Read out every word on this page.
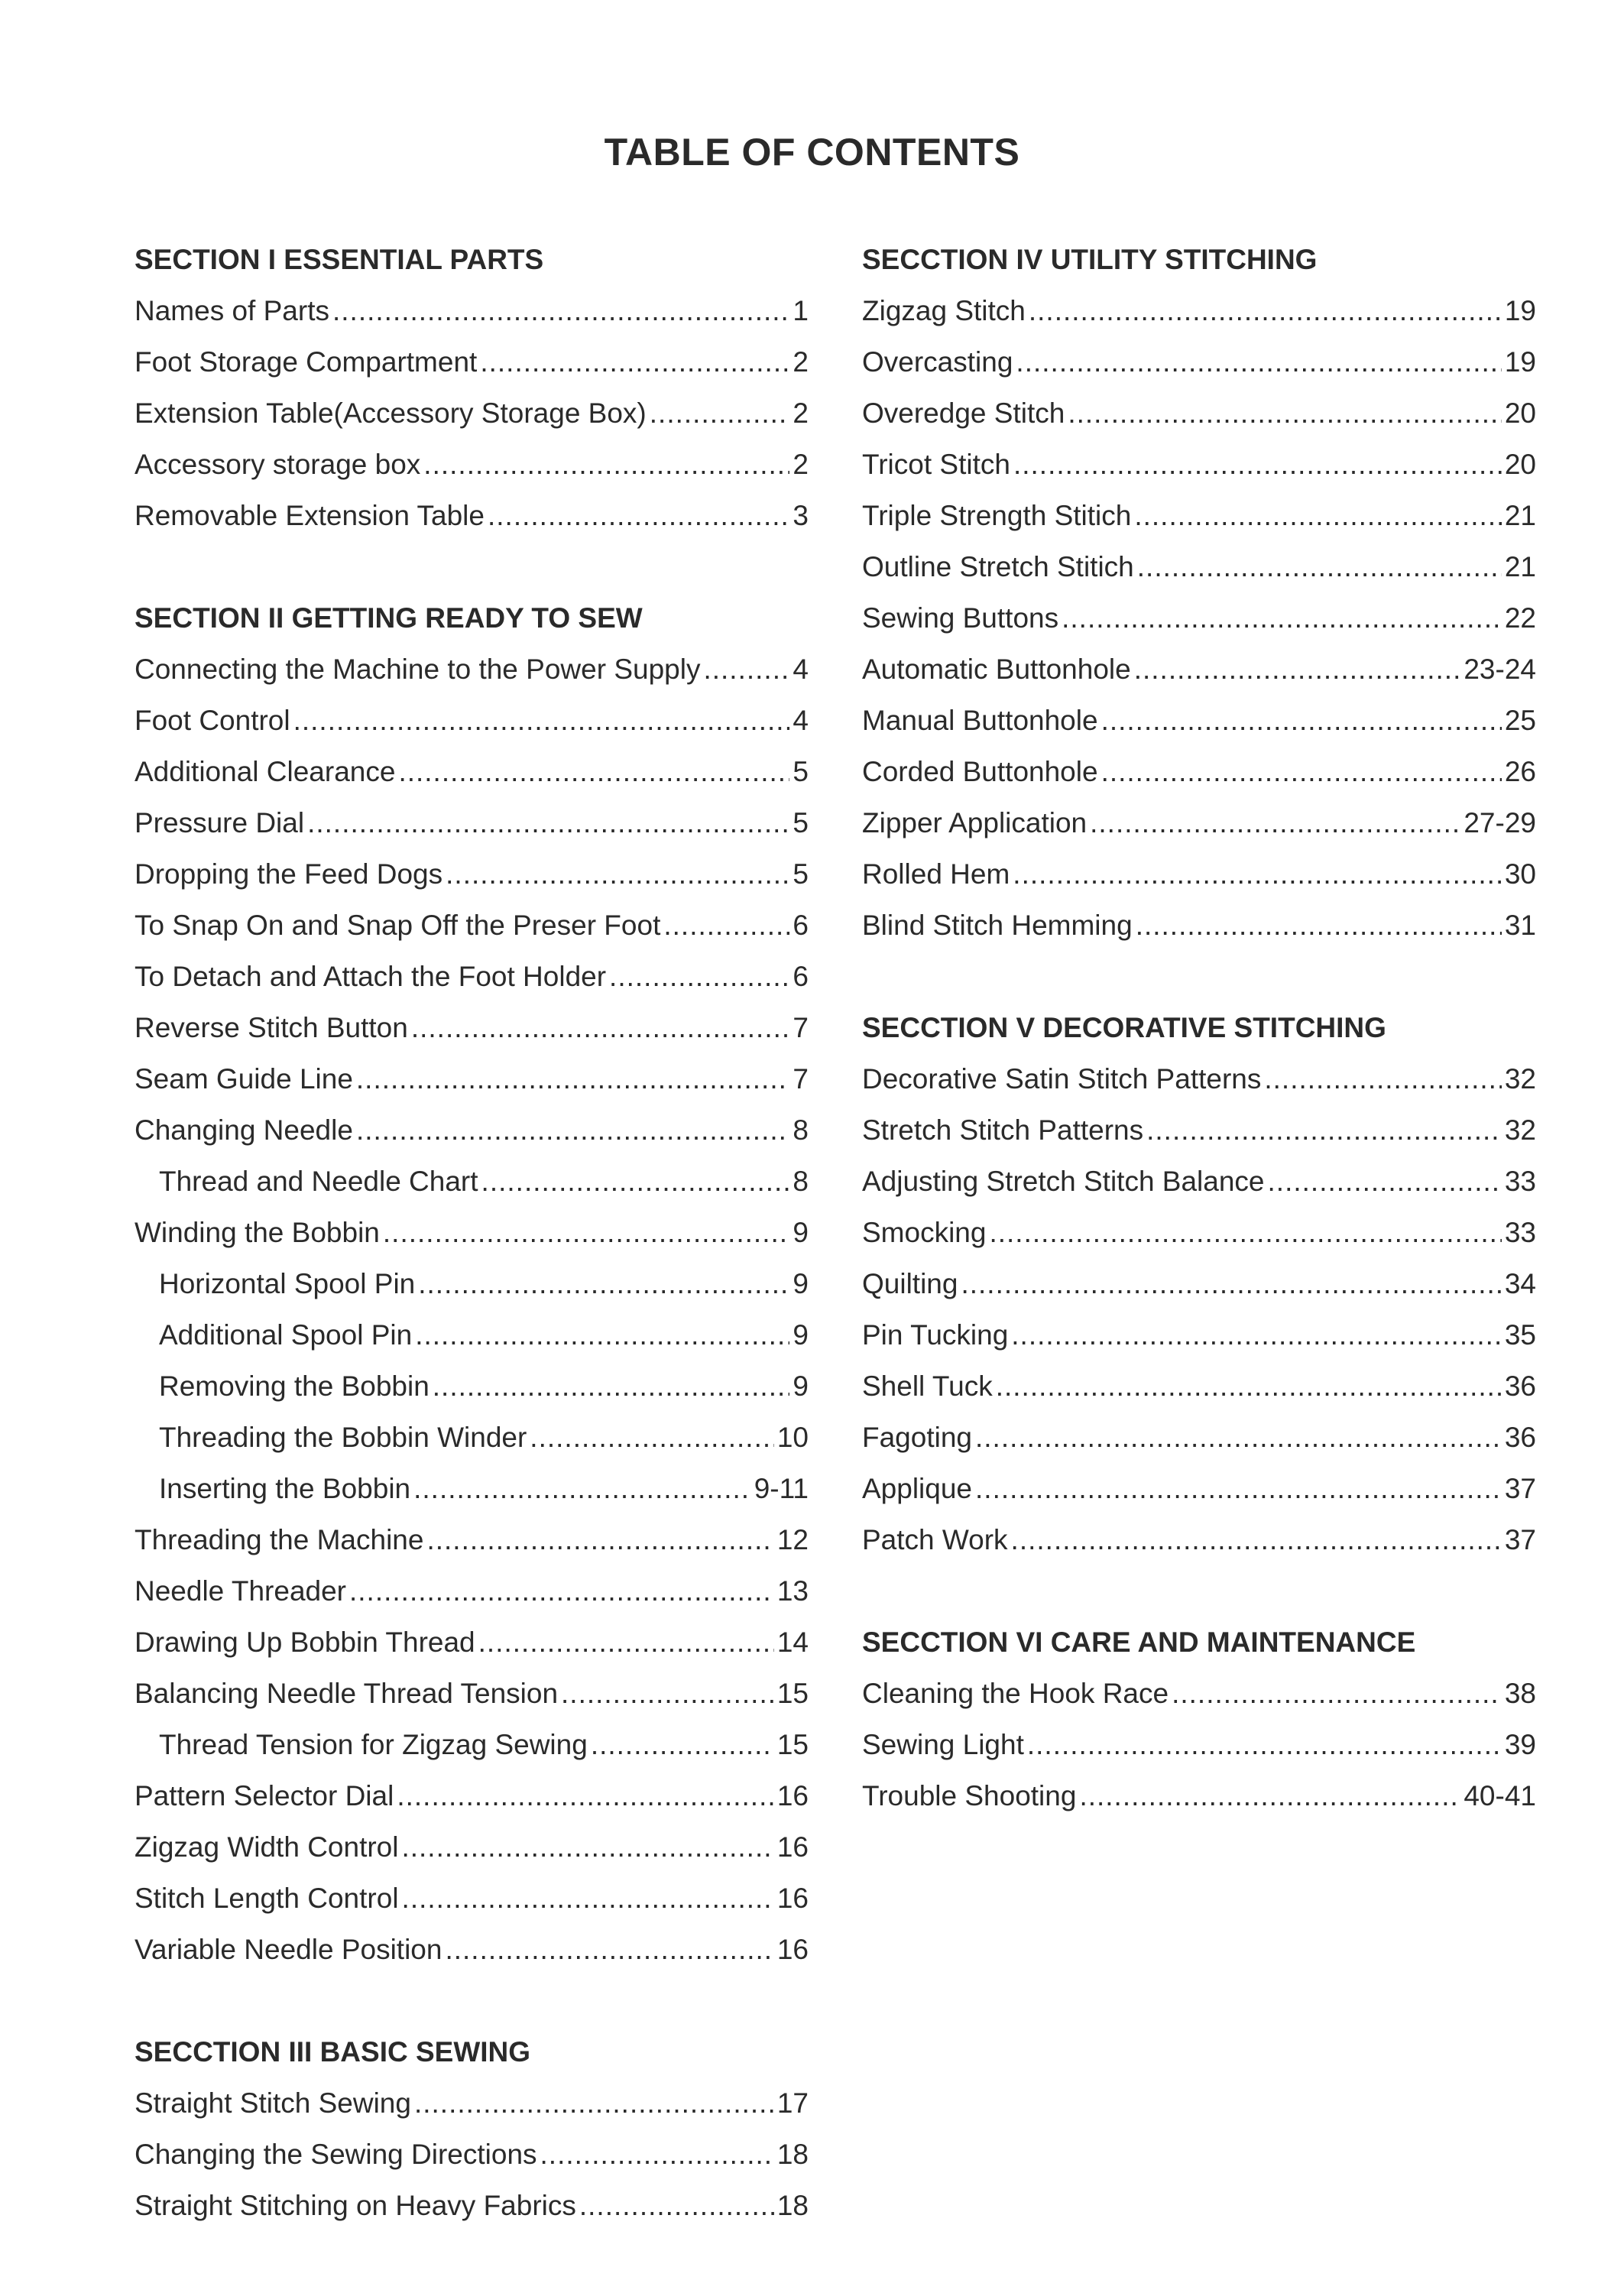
TABLE OF CONTENTS
SECTION I ESSENTIAL PARTS
Names of Parts .....	1
Foot Storage Compartment .....	2
Extension Table(Accessory Storage Box) .....	2
Accessory storage box .....	2
Removable Extension Table .....	3
SECTION II GETTING READY TO SEW
Connecting the Machine to the Power Supply .....	4
Foot Control .....	4
Additional Clearance .....	5
Pressure Dial .....	5
Dropping the Feed Dogs .....	5
To Snap On and Snap Off the Preser Foot .....	6
To Detach and Attach the Foot Holder .....	6
Reverse Stitch Button .....	7
Seam Guide Line .....	7
Changing Needle .....	8
Thread and Needle Chart .....	8
Winding the Bobbin .....	9
Horizontal Spool Pin .....	9
Additional Spool Pin .....	9
Removing the Bobbin .....	9
Threading the Bobbin Winder .....	10
Inserting the Bobbin .....	9-11
Threading the Machine .....	12
Needle Threader .....	13
Drawing Up Bobbin Thread .....	14
Balancing Needle Thread Tension .....	15
Thread Tension for Zigzag Sewing .....	15
Pattern Selector Dial .....	16
Zigzag Width Control .....	16
Stitch Length Control .....	16
Variable Needle Position .....	16
SECCTION III BASIC SEWING
Straight Stitch Sewing .....	17
Changing the Sewing Directions .....	18
Straight Stitching on Heavy Fabrics .....	18
SECCTION IV UTILITY STITCHING
Zigzag Stitch .....	19
Overcasting .....	19
Overedge Stitch .....	20
Tricot Stitch .....	20
Triple Strength Stitich .....	21
Outline Stretch Stitich .....	21
Sewing Buttons .....	22
Automatic Buttonhole .....	23-24
Manual Buttonhole .....	25
Corded Buttonhole .....	26
Zipper Application .....	27-29
Rolled Hem .....	30
Blind Stitch Hemming .....	31
SECCTION V DECORATIVE STITCHING
Decorative Satin Stitch Patterns .....	32
Stretch Stitch Patterns .....	32
Adjusting Stretch Stitch Balance .....	33
Smocking .....	33
Quilting .....	34
Pin Tucking .....	35
Shell Tuck .....	36
Fagoting .....	36
Applique .....	37
Patch Work .....	37
SECCTION VI CARE AND MAINTENANCE
Cleaning the Hook Race .....	38
Sewing Light .....	39
Trouble Shooting .....	40-41
